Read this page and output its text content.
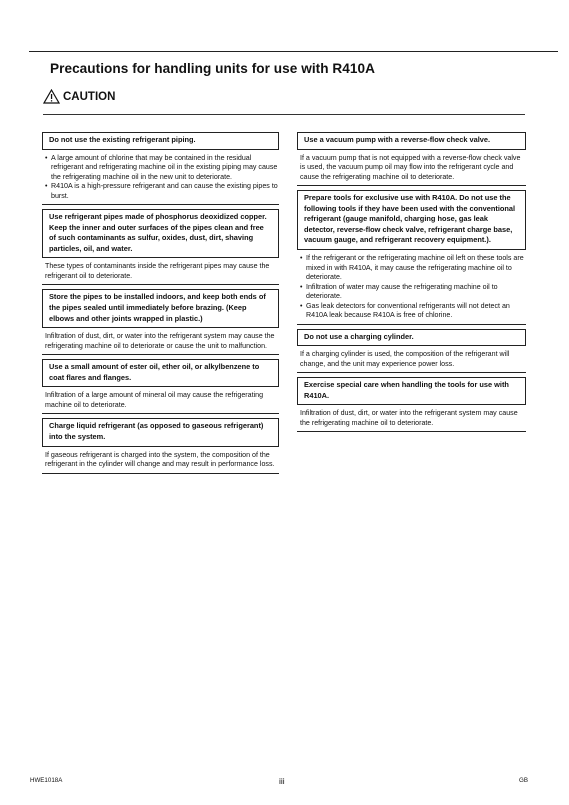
Precautions for handling units for use with R410A
CAUTION
Do not use the existing refrigerant piping.
• A large amount of chlorine that may be contained in the residual refrigerant and refrigerating machine oil in the existing piping may cause the refrigerating machine oil in the new unit to deteriorate.
• R410A is a high-pressure refrigerant and can cause the existing pipes to burst.
Use refrigerant pipes made of phosphorus deoxidized copper. Keep the inner and outer surfaces of the pipes clean and free of such contaminants as sulfur, oxides, dust, dirt, shaving particles, oil, and water.
These types of contaminants inside the refrigerant pipes may cause the refrigerant oil to deteriorate.
Store the pipes to be installed indoors, and keep both ends of the pipes sealed until immediately before brazing. (Keep elbows and other joints wrapped in plastic.)
Infiltration of dust, dirt, or water into the refrigerant system may cause the refrigerating machine oil to deteriorate or cause the unit to malfunction.
Use a small amount of ester oil, ether oil, or alkylbenzene to coat flares and flanges.
Infiltration of a large amount of mineral oil may cause the refrigerating machine oil to deteriorate.
Charge liquid refrigerant (as opposed to gaseous refrigerant) into the system.
If gaseous refrigerant is charged into the system, the composition of the refrigerant in the cylinder will change and may result in performance loss.
Use a vacuum pump with a reverse-flow check valve.
If a vacuum pump that is not equipped with a reverse-flow check valve is used, the vacuum pump oil may flow into the refrigerant cycle and cause the refrigerating machine oil to deteriorate.
Prepare tools for exclusive use with R410A. Do not use the following tools if they have been used with the conventional refrigerant (gauge manifold, charging hose, gas leak detector, reverse-flow check valve, refrigerant charge base, vacuum gauge, and refrigerant recovery equipment.).
• If the refrigerant or the refrigerating machine oil left on these tools are mixed in with R410A, it may cause the refrigerating machine oil to deteriorate.
• Infiltration of water may cause the refrigerating machine oil to deteriorate.
• Gas leak detectors for conventional refrigerants will not detect an R410A leak because R410A is free of chlorine.
Do not use a charging cylinder.
If a charging cylinder is used, the composition of the refrigerant will change, and the unit may experience power loss.
Exercise special care when handling the tools for use with R410A.
Infiltration of dust, dirt, or water into the refrigerant system may cause the refrigerating machine oil to deteriorate.
HWE1018A	iii	GB
